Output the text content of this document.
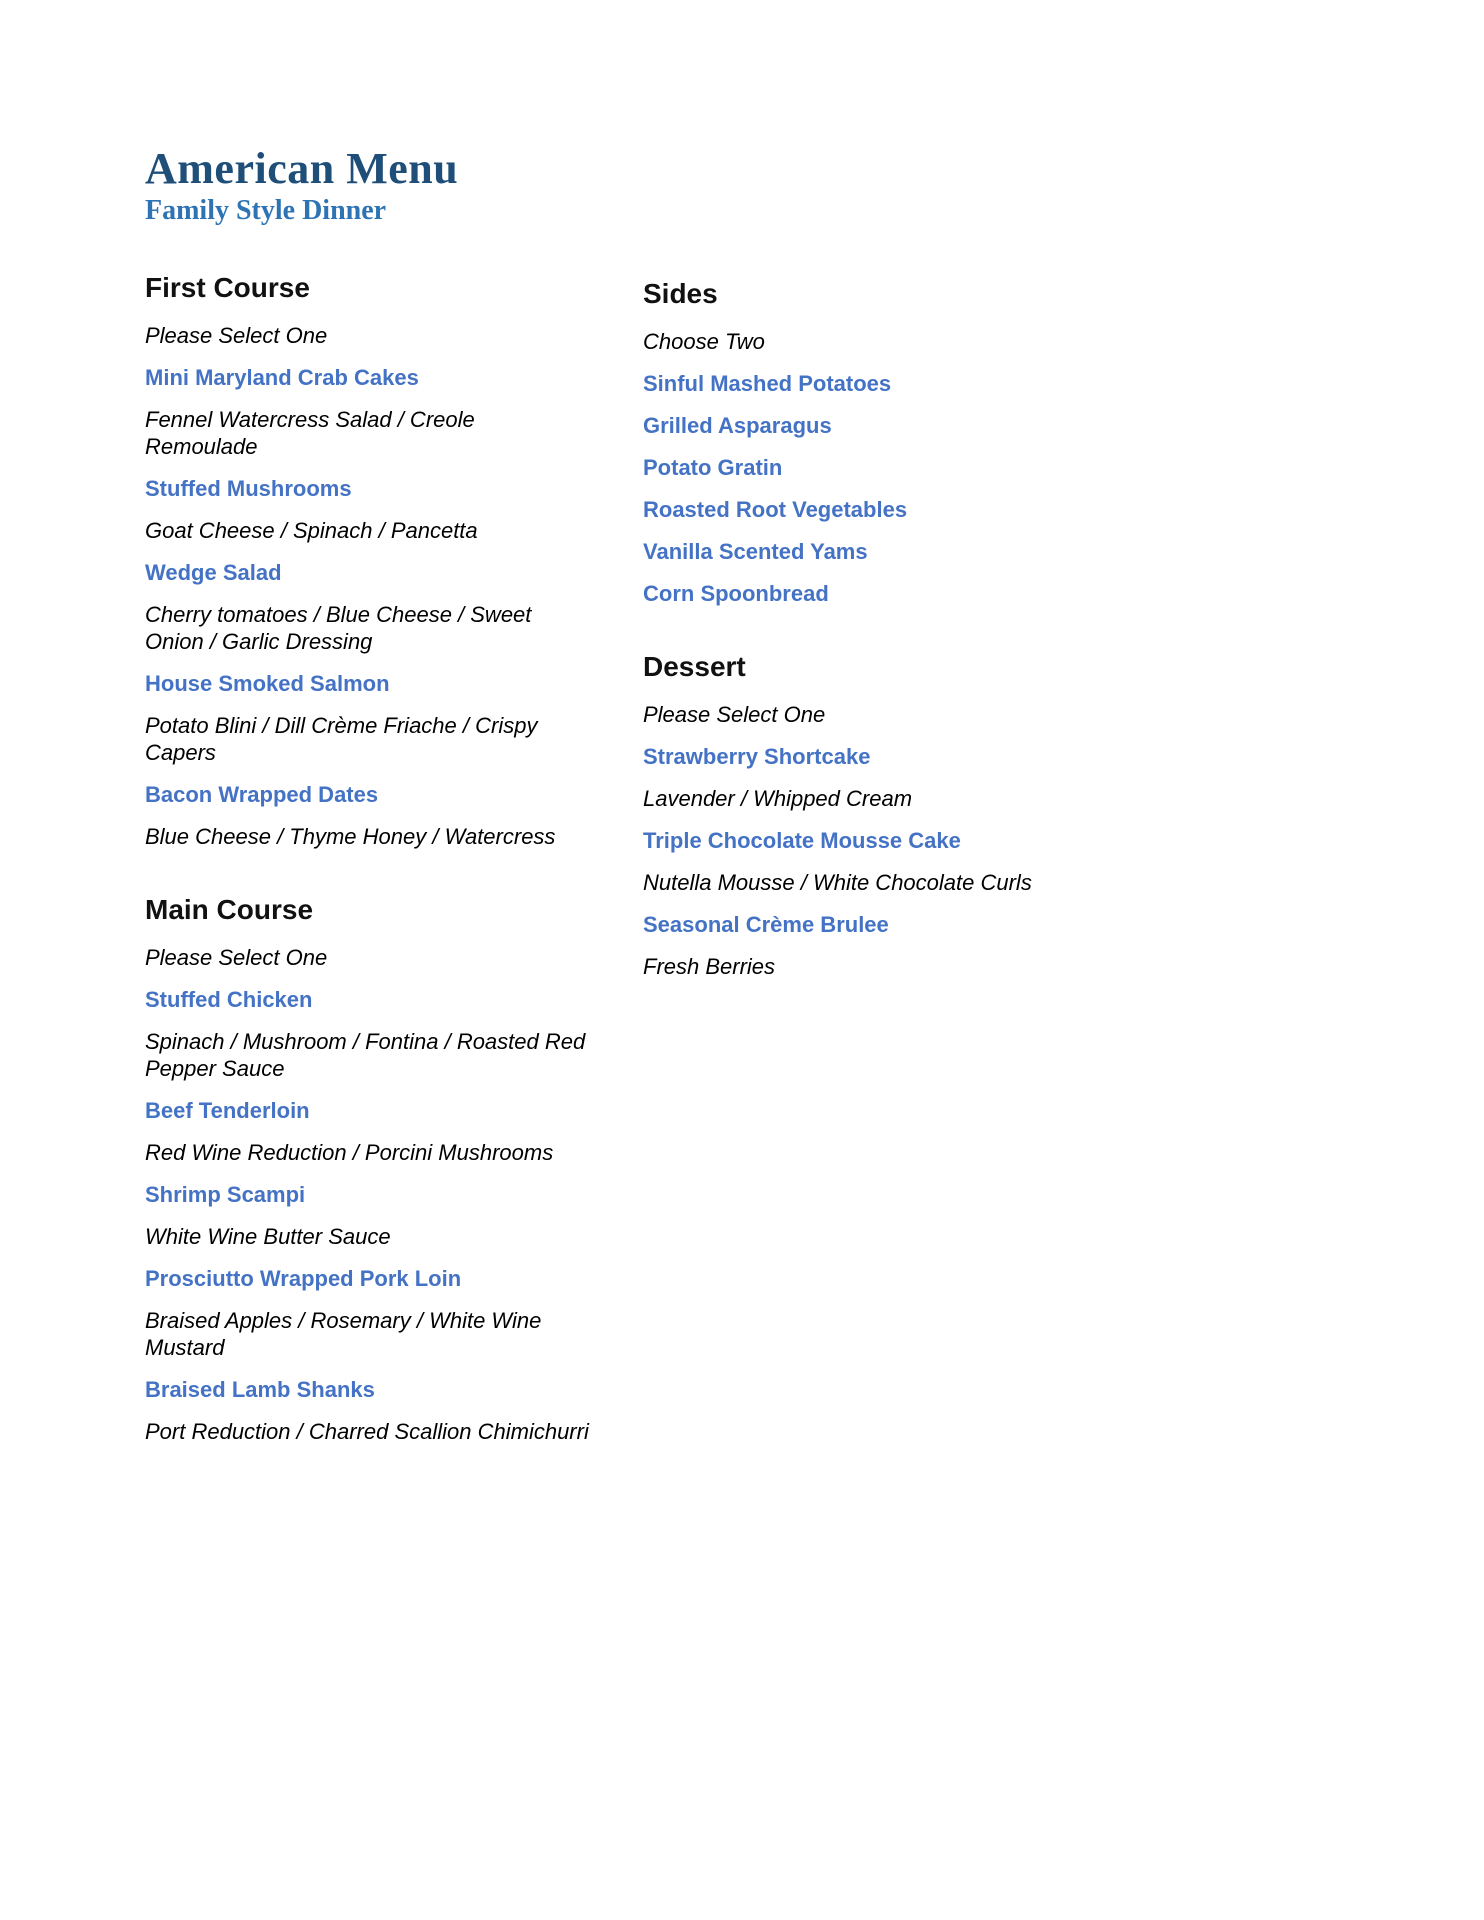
American Menu
Family Style Dinner
First Course

Please Select One

Mini Maryland Crab Cakes

Fennel Watercress Salad / Creole Remoulade

Stuffed Mushrooms

Goat Cheese / Spinach / Pancetta

Wedge Salad

Cherry tomatoes / Blue Cheese / Sweet Onion / Garlic Dressing

House Smoked Salmon

Potato Blini / Dill Crème Friache / Crispy Capers

Bacon Wrapped Dates

Blue Cheese / Thyme Honey / Watercress

Main Course

Please Select One

Stuffed Chicken

Spinach / Mushroom / Fontina / Roasted Red Pepper Sauce

Beef Tenderloin

Red Wine Reduction / Porcini Mushrooms

Shrimp Scampi

White Wine Butter Sauce

Prosciutto Wrapped Pork Loin

Braised Apples / Rosemary / White Wine Mustard

Braised Lamb Shanks

Port Reduction / Charred Scallion Chimichurri

Sides

Choose Two

Sinful Mashed Potatoes

Grilled Asparagus

Potato Gratin

Roasted Root Vegetables

Vanilla Scented Yams

Corn Spoonbread

Dessert

Please Select One

Strawberry Shortcake

Lavender / Whipped Cream

Triple Chocolate Mousse Cake

Nutella Mousse / White Chocolate Curls

Seasonal Crème Brulee

Fresh Berries
